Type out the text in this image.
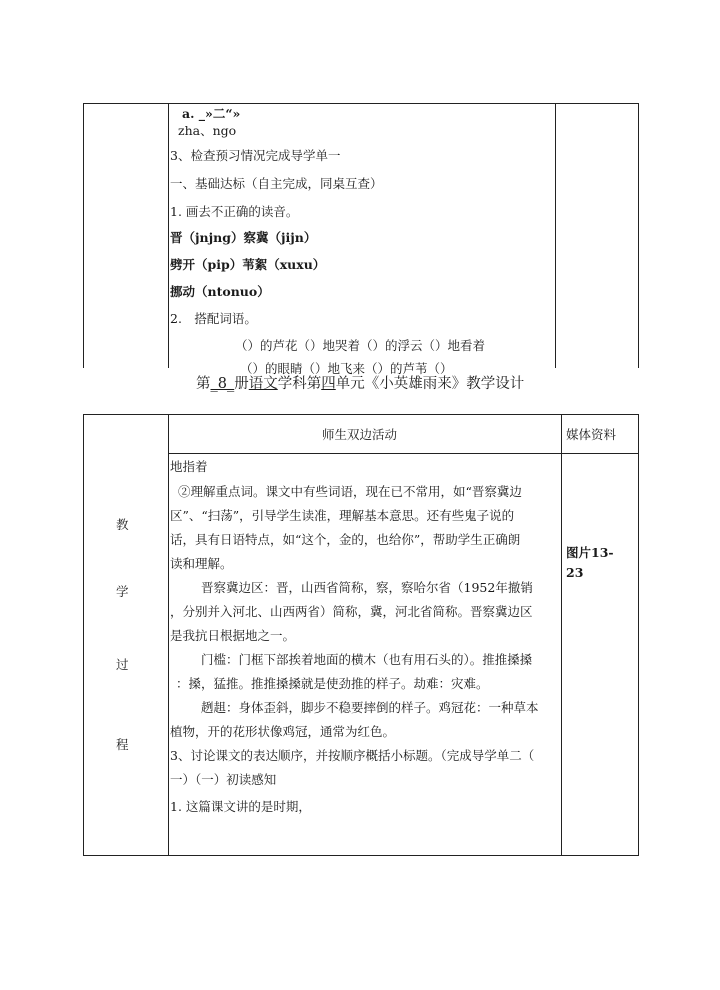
a. _»二“»
zha、ngo
3、检查预习情况完成导学单一
一、基础达标（自主完成，同桌互查）
1. 画去不正确的读音。
晋（jnjng）察冀（jijn）
劈开（pip）苇絮（xuxu）
挪动（ntonuo）
2.　搭配词语。
（）的芦花（）地哭着（）的浮云（）地看着
（）的眼睛（）地飞来（）的芦苇（）
第_8_册语文学科第四单元《小英雄雨来》教学设计
师生双边活动	媒体资料
教
学
过
程
图片13-
23
地指着
②理解重点词。课文中有些词语，现在已不常用，如“晋察冀边
区”、“扫荡”，引导学生读准，理解基本意思。还有些鬼子说的
话，具有日语特点，如“这个，金的，也给你”，帮助学生正确朗
读和理解。
晋察冀边区：晋，山西省简称，察，察哈尔省（1952年撤销
，分别并入河北、山西两省）简称，冀，河北省简称。晋察冀边区
是我抗日根据地之一。
门槛：门框下部挨着地面的横木（也有用石头的）。推推搡搡
：搡，猛推。推推搡搡就是使劲推的样子。劫难：灾难。
趔趄：身体歪斜，脚步不稳要摔倒的样子。鸡冠花：一种草本
植物，开的花形状像鸡冠，通常为红色。
3、讨论课文的表达顺序，并按顺序概括小标题。（完成导学单二（
一）（一）初读感知
1. 这篇课文讲的是时期，
